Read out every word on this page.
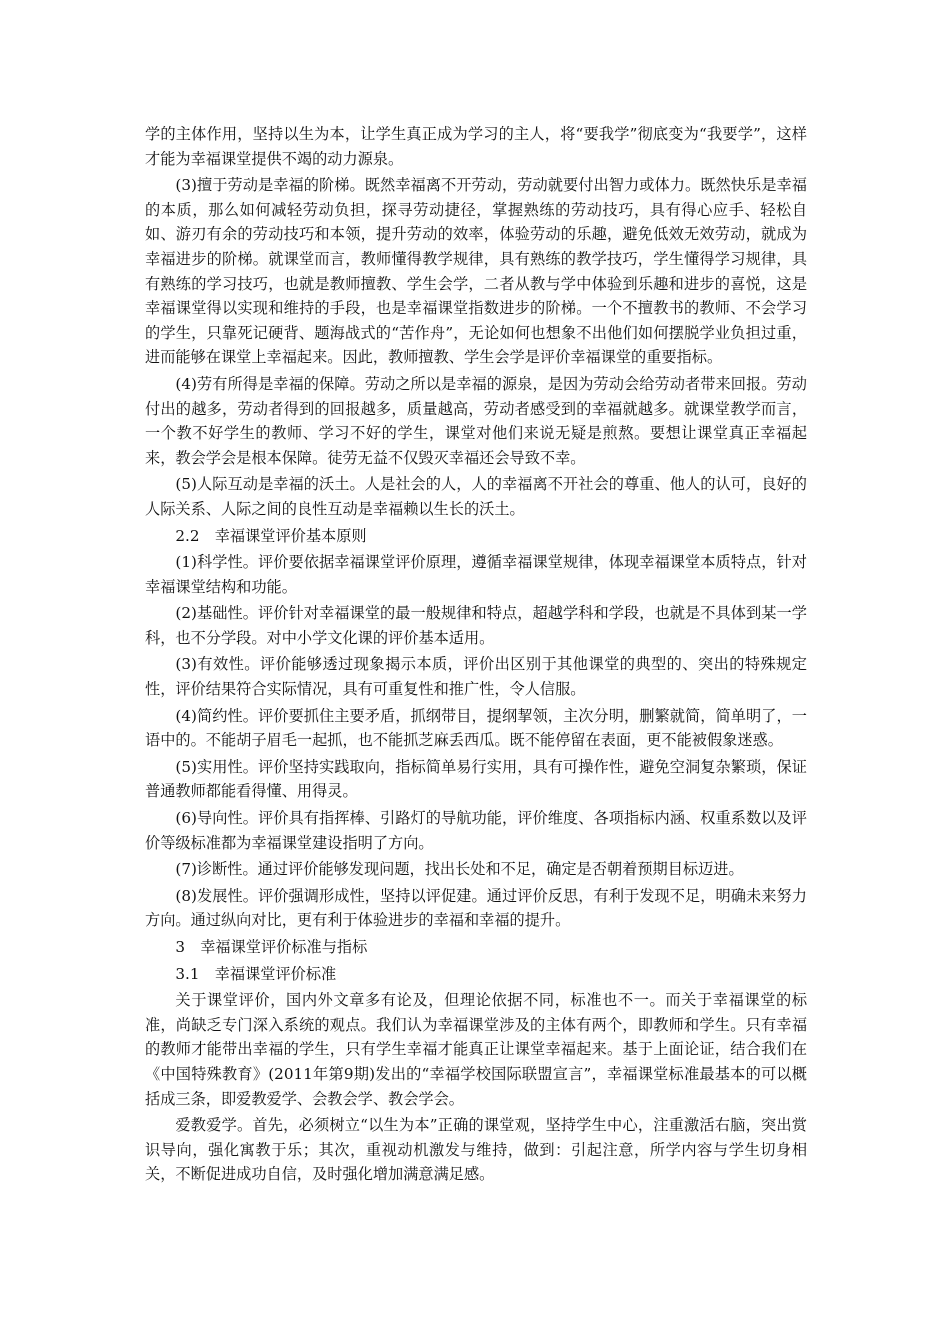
学的主体作用，坚持以生为本，让学生真正成为学习的主人，将“要我学”彻底变为“我要学”，这样才能为幸福课堂提供不竭的动力源泉。

(3)擅于劳动是幸福的阶梯。既然幸福离不开劳动，劳动就要付出智力或体力。既然快乐是幸福的本质，那么如何减轻劳动负担，探寻劳动捷径，掌握熟练的劳动技巧，具有得心应手、轻松自如、游刃有余的劳动技巧和本领，提升劳动的效率，体验劳动的乐趣，避免低效无效劳动，就成为幸福进步的阶梯。就课堂而言，教师懂得教学规律，具有熟练的教学技巧，学生懂得学习规律，具有熟练的学习技巧，也就是教师擅教、学生会学，二者从教与学中体验到乐趣和进步的喜悦，这是幸福课堂得以实现和维持的手段，也是幸福课堂指数进步的阶梯。一个不擅教书的教师、不会学习的学生，只靠死记硬背、题海战式的“苦作舟”，无论如何也想象不出他们如何摆脱学业负担过重，进而能够在课堂上幸福起来。因此，教师擅教、学生会学是评价幸福课堂的重要指标。

(4)劳有所得是幸福的保障。劳动之所以是幸福的源泉，是因为劳动会给劳动者带来回报。劳动付出的越多，劳动者得到的回报越多，质量越高，劳动者感受到的幸福就越多。就课堂教学而言，一个教不好学生的教师、学习不好的学生，课堂对他们来说无疑是煎熬。要想让课堂真正幸福起来，教会学会是根本保障。徒劳无益不仅毁灭幸福还会导致不幸。

(5)人际互动是幸福的沃土。人是社会的人，人的幸福离不开社会的尊重、他人的认可，良好的人际关系、人际之间的良性互动是幸福赖以生长的沃土。

2.2　幸福课堂评价基本原则

(1)科学性。评价要依据幸福课堂评价原理，遵循幸福课堂规律，体现幸福课堂本质特点，针对幸福课堂结构和功能。

(2)基础性。评价针对幸福课堂的最一般规律和特点，超越学科和学段，也就是不具体到某一学科，也不分学段。对中小学文化课的评价基本适用。

(3)有效性。评价能够透过现象揭示本质，评价出区别于其他课堂的典型的、突出的特殊规定性，评价结果符合实际情况，具有可重复性和推广性，令人信服。

(4)简约性。评价要抓住主要矛盾，抓纲带目，提纲挈领，主次分明，删繁就简，简单明了，一语中的。不能胡子眉毛一起抓，也不能抓芝麻丢西瓜。既不能停留在表面，更不能被假象迷惑。

(5)实用性。评价坚持实践取向，指标简单易行实用，具有可操作性，避免空洞复杂繁琐，保证普通教师都能看得懂、用得灵。

(6)导向性。评价具有指挥棒、引路灯的导航功能，评价维度、各项指标内涵、权重系数以及评价等级标准都为幸福课堂建设指明了方向。

(7)诊断性。通过评价能够发现问题，找出长处和不足，确定是否朝着预期目标迈进。

(8)发展性。评价强调形成性，坚持以评促建。通过评价反思，有利于发现不足，明确未来努力方向。通过纵向对比，更有利于体验进步的幸福和幸福的提升。

3　幸福课堂评价标准与指标

3.1　幸福课堂评价标准

关于课堂评价，国内外文章多有论及，但理论依据不同，标准也不一。而关于幸福课堂的标准，尚缺乏专门深入系统的观点。我们认为幸福课堂涉及的主体有两个，即教师和学生。只有幸福的教师才能带出幸福的学生，只有学生幸福才能真正让课堂幸福起来。基于上面论证，结合我们在《中国特殊教育》(2011年第9期)发出的“幸福学校国际联盟宣言”，幸福课堂标准最基本的可以概括成三条，即爱教爱学、会教会学、教会学会。

爱教爱学。首先，必须树立“以生为本”正确的课堂观，坚持学生中心，注重激活右脑，突出赏识导向，强化寓教于乐；其次，重视动机激发与维持，做到：引起注意，所学内容与学生切身相关，不断促进成功自信，及时强化增加满意满足感。
